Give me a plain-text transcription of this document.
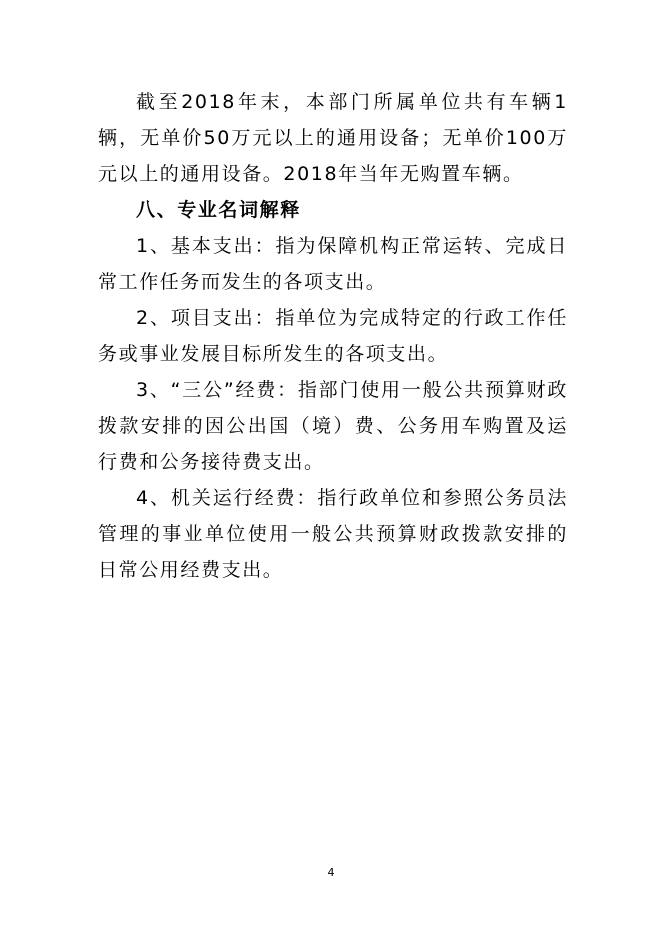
截至2018年末，本部门所属单位共有车辆1辆，无单价50万元以上的通用设备；无单价100万元以上的通用设备。2018年当年无购置车辆。

八、专业名词解释

1、基本支出：指为保障机构正常运转、完成日常工作任务而发生的各项支出。

2、项目支出：指单位为完成特定的行政工作任务或事业发展目标所发生的各项支出。

3、“三公”经费：指部门使用一般公共预算财政拨款安排的因公出国（境）费、公务用车购置及运行费和公务接待费支出。

4、机关运行经费：指行政单位和参照公务员法管理的事业单位使用一般公共预算财政拨款安排的日常公用经费支出。

4
